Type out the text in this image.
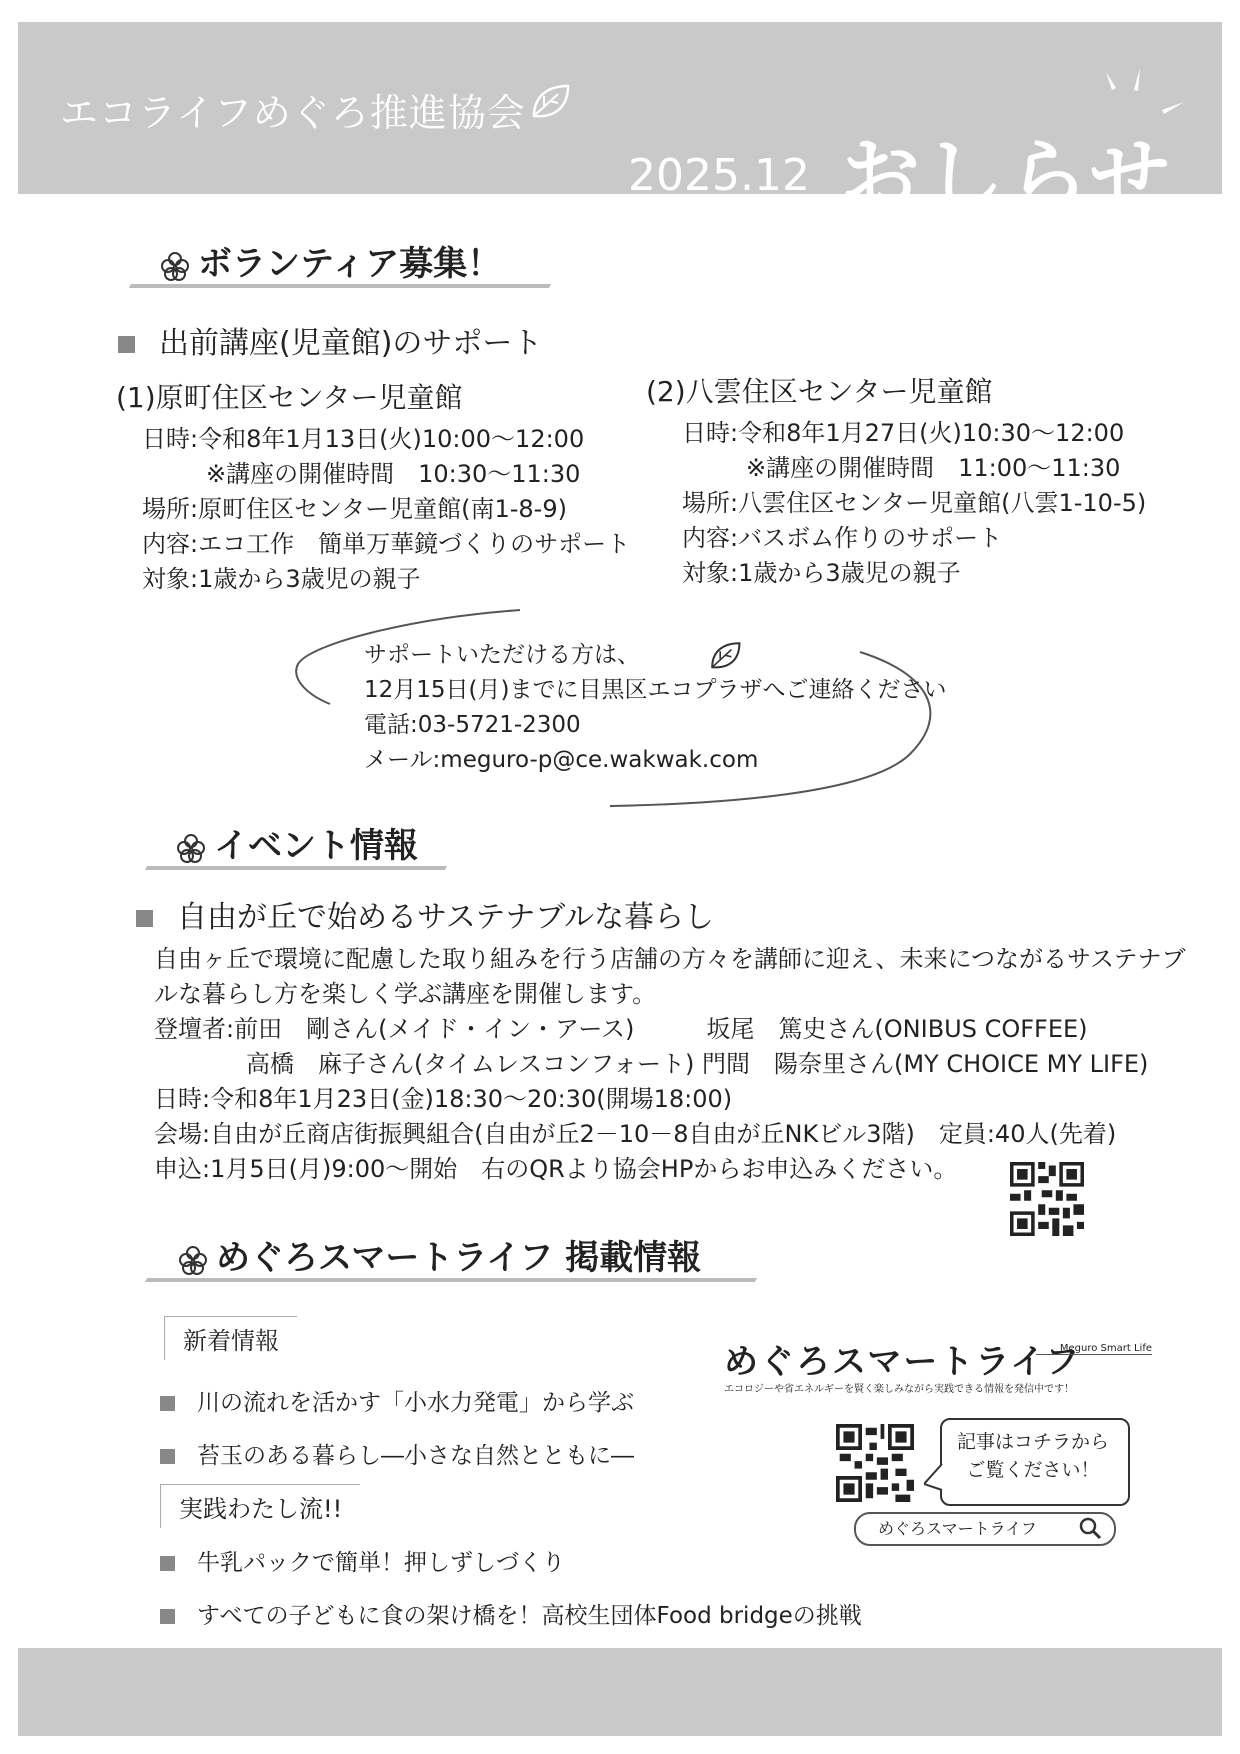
エコライフめぐろ推進協会
2025.12 おしらせ
ボランティア募集！
出前講座(児童館)のサポート
(1)原町住区センター児童館
日時:令和8年1月13日(火)10:00～12:00
※講座の開催時間　10:30～11:30
場所:原町住区センター児童館(南1-8-9)
内容:エコ工作　簡単万華鏡づくりのサポート
対象:1歳から3歳児の親子
(2)八雲住区センター児童館
日時:令和8年1月27日(火)10:30～12:00
※講座の開催時間　11:00～11:30
場所:八雲住区センター児童館(八雲1-10-5)
内容:バスボム作りのサポート
対象:1歳から3歳児の親子
サポートいただける方は、
12月15日(月)までに目黒区エコプラザへご連絡ください
電話:03-5721-2300
メール:meguro-p@ce.wakwak.com
イベント情報
自由が丘で始めるサステナブルな暮らし
自由ヶ丘で環境に配慮した取り組みを行う店舗の方々を講師に迎え、未来につながるサステナブ
ルな暮らし方を楽しく学ぶ講座を開催します。
登壇者:前田　剛さん(メイド・イン・アース)　　　坂尾　篤史さん(ONIBUS COFFEE)
高橋　麻子さん(タイムレスコンフォート) 門間　陽奈里さん(MY CHOICE MY LIFE)
日時:令和8年1月23日(金)18:30～20:30(開場18:00)
会場:自由が丘商店街振興組合(自由が丘2－10－8自由が丘NKビル3階)　定員:40人(先着)
申込:1月5日(月)9:00～開始　右のQRより協会HPからお申込みください。
めぐろスマートライフ 掲載情報
新着情報
川の流れを活かす「小水力発電」から学ぶ
苔玉のある暮らし―小さな自然とともに―
実践わたし流!!
牛乳パックで簡単！押しずしづくり
すべての子どもに食の架け橋を！高校生団体Food bridgeの挑戦
めぐろスマートライフ
Meguro Smart Life
エコロジーや省エネルギーを賢く楽しみながら実践できる情報を発信中です！
記事はコチラから
ご覧ください！
めぐろスマートライフ
